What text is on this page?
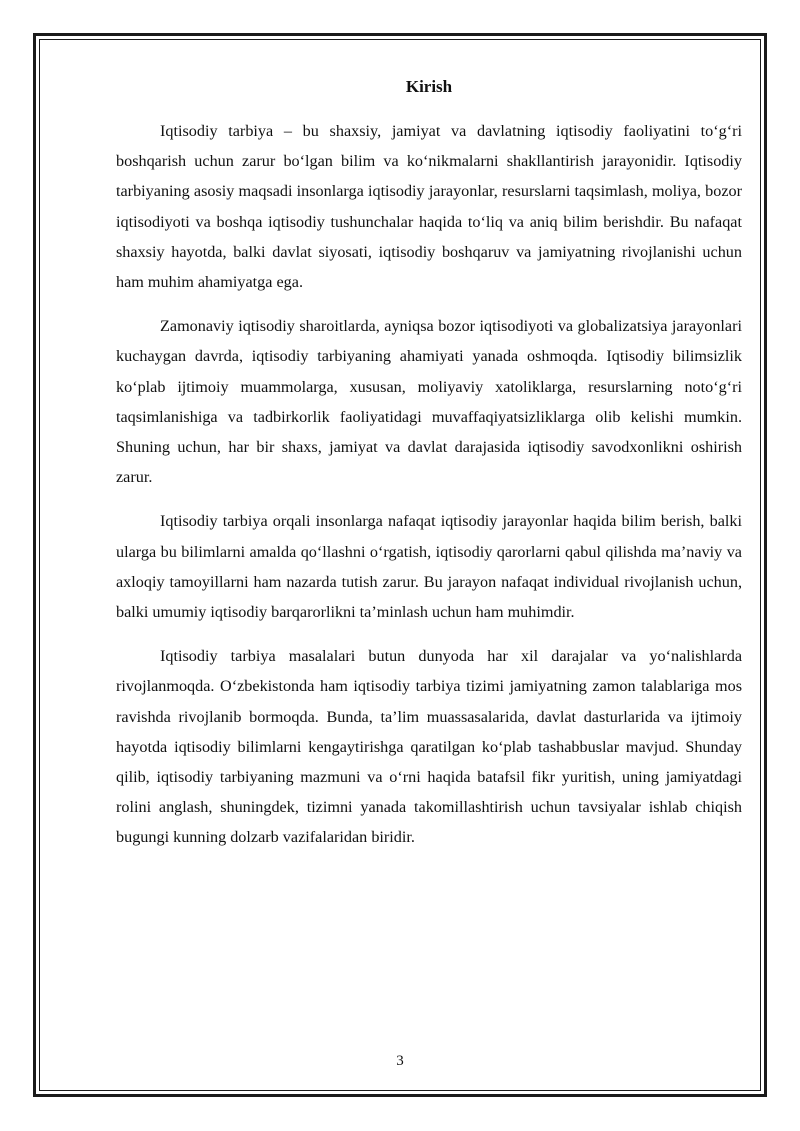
Kirish

Iqtisodiy tarbiya – bu shaxsiy, jamiyat va davlatning iqtisodiy faoliyatini to‘g‘ri boshqarish uchun zarur bo‘lgan bilim va ko‘nikmalarni shakllantirish jarayonidir. Iqtisodiy tarbiyaning asosiy maqsadi insonlarga iqtisodiy jarayonlar, resurslarni taqsimlash, moliya, bozor iqtisodiyoti va boshqa iqtisodiy tushunchalar haqida to‘liq va aniq bilim berishdir. Bu nafaqat shaxsiy hayotda, balki davlat siyosati, iqtisodiy boshqaruv va jamiyatning rivojlanishi uchun ham muhim ahamiyatga ega.

Zamonaviy iqtisodiy sharoitlarda, ayniqsa bozor iqtisodiyoti va globalizatsiya jarayonlari kuchaygan davrda, iqtisodiy tarbiyaning ahamiyati yanada oshmoqda. Iqtisodiy bilimsizlik ko‘plab ijtimoiy muammolarga, xususan, moliyaviy xatoliklarga, resurslarning noto‘g‘ri taqsimlanishiga va tadbirkorlik faoliyatidagi muvaffaqiyatsizliklarga olib kelishi mumkin. Shuning uchun, har bir shaxs, jamiyat va davlat darajasida iqtisodiy savodxonlikni oshirish zarur.

Iqtisodiy tarbiya orqali insonlarga nafaqat iqtisodiy jarayonlar haqida bilim berish, balki ularga bu bilimlarni amalda qo‘llashni o‘rgatish, iqtisodiy qarorlarni qabul qilishda ma’naviy va axloqiy tamoyillarni ham nazarda tutish zarur. Bu jarayon nafaqat individual rivojlanish uchun, balki umumiy iqtisodiy barqarorlikni ta’minlash uchun ham muhimdir.

Iqtisodiy tarbiya masalalari butun dunyoda har xil darajalar va yo‘nalishlarda rivojlanmoqda. O‘zbekistonda ham iqtisodiy tarbiya tizimi jamiyatning zamon talablariga mos ravishda rivojlanib bormoqda. Bunda, ta’lim muassasalarida, davlat dasturlarida va ijtimoiy hayotda iqtisodiy bilimlarni kengaytirishga qaratilgan ko‘plab tashabbuslar mavjud. Shunday qilib, iqtisodiy tarbiyaning mazmuni va o‘rni haqida batafsil fikr yuritish, uning jamiyatdagi rolini anglash, shuningdek, tizimni yanada takomillashtirish uchun tavsiyalar ishlab chiqish bugungi kunning dolzarb vazifalaridan biridir.

3
